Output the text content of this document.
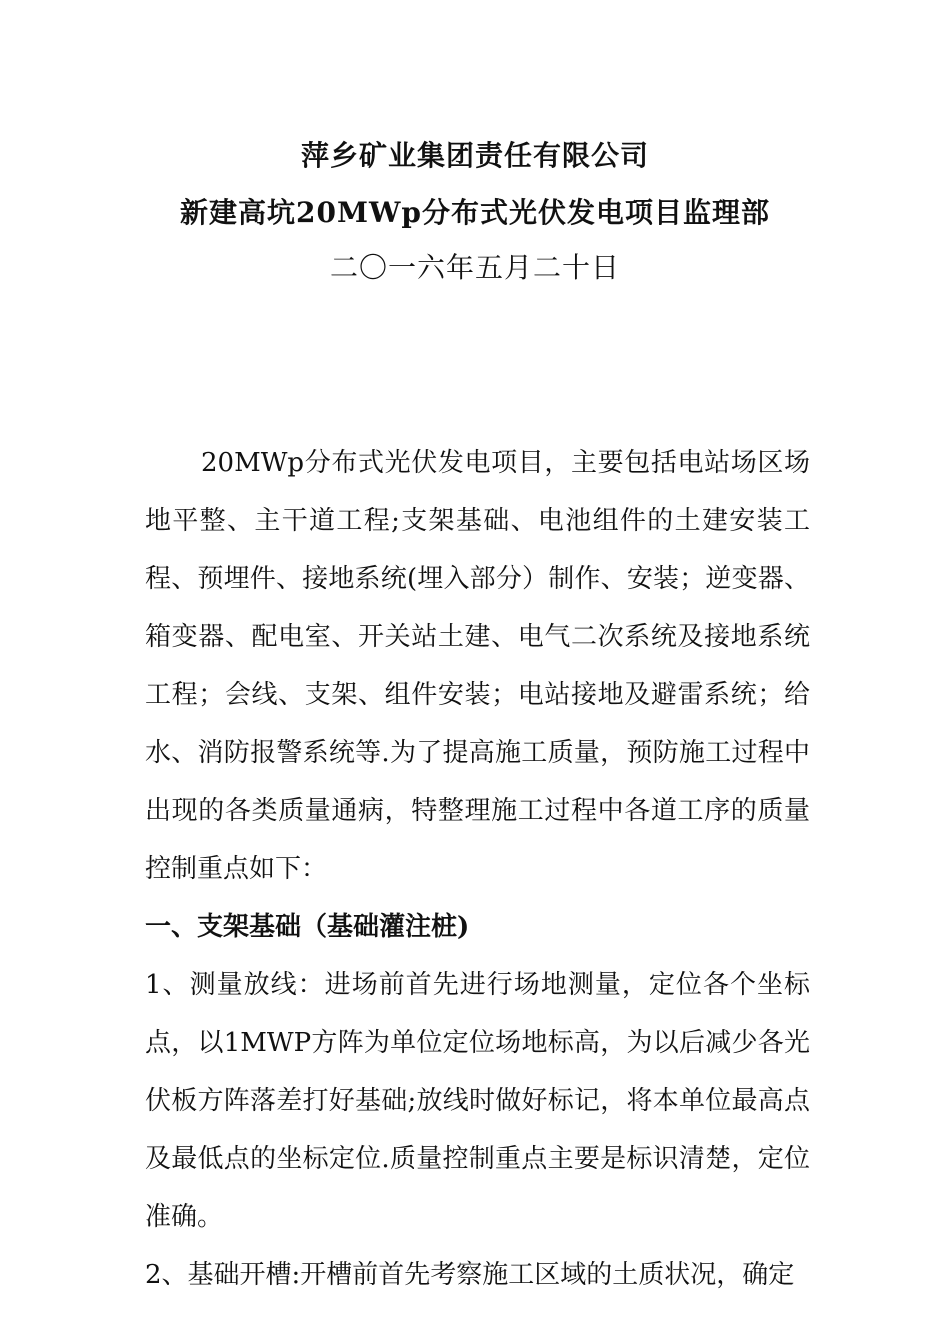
萍乡矿业集团责任有限公司
新建高坑20MWp分布式光伏发电项目监理部
二〇一六年五月二十日

20MWp分布式光伏发电项目，主要包括电站场区场地平整、主干道工程;支架基础、电池组件的土建安装工程、预埋件、接地系统(埋入部分）制作、安装；逆变器、箱变器、配电室、开关站土建、电气二次系统及接地系统工程；会线、支架、组件安装；电站接地及避雷系统；给水、消防报警系统等.为了提高施工质量，预防施工过程中出现的各类质量通病，特整理施工过程中各道工序的质量控制重点如下：

一、支架基础（基础灌注桩)

1、测量放线：进场前首先进行场地测量，定位各个坐标点，以1MWP方阵为单位定位场地标高，为以后减少各光伏板方阵落差打好基础;放线时做好标记，将本单位最高点及最低点的坐标定位.质量控制重点主要是标识清楚，定位准确。

2、基础开槽:开槽前首先考察施工区域的土质状况，确定
